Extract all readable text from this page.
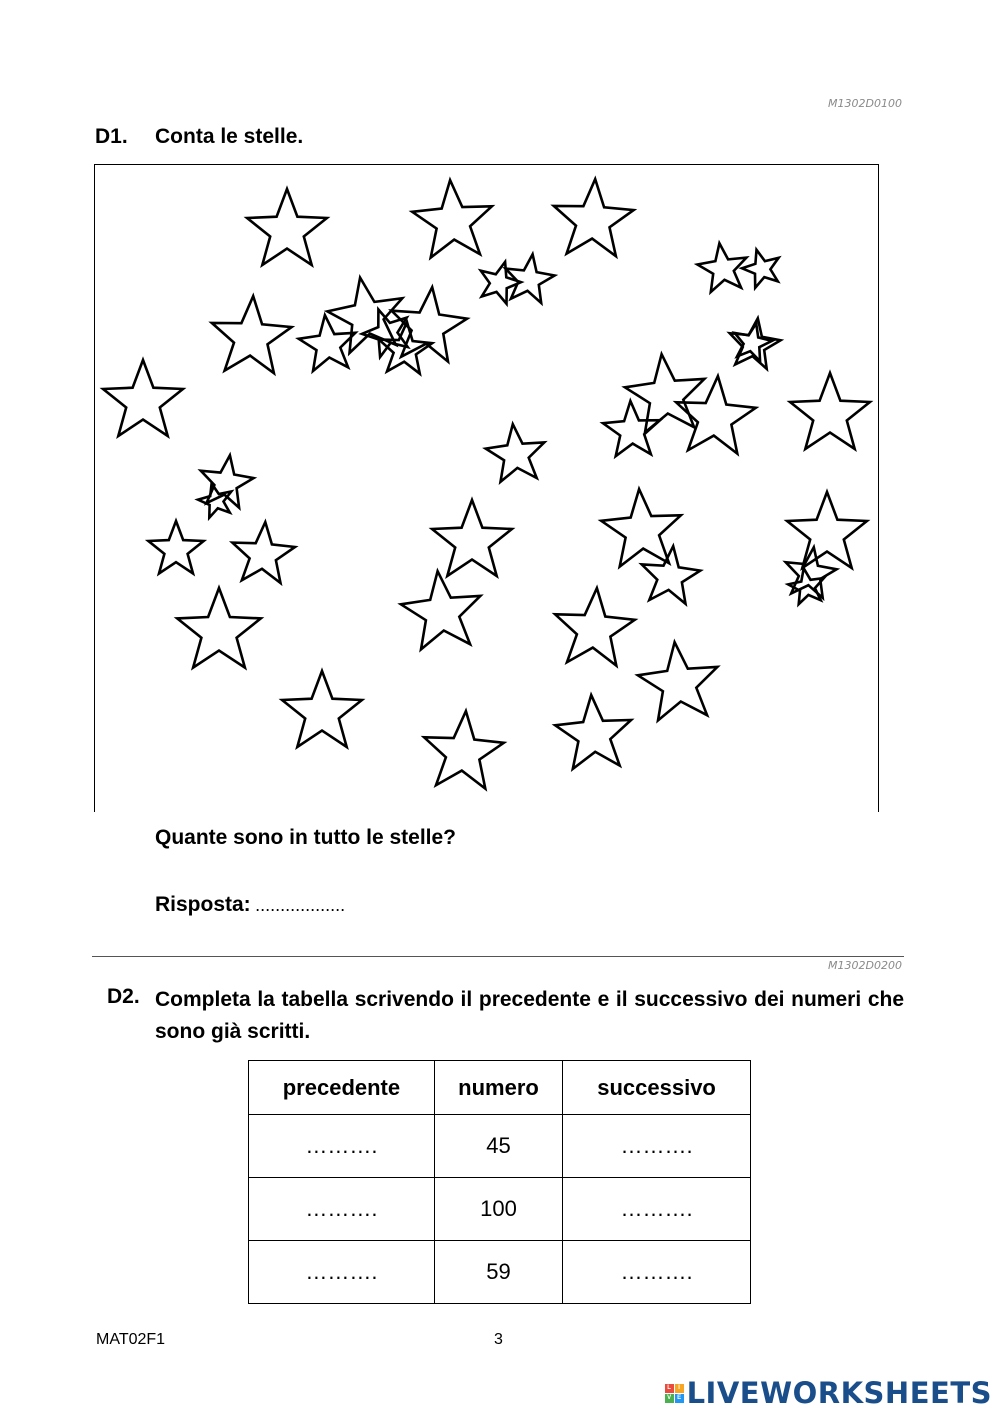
M1302D0100
D1. Conta le stelle.
Quante sono in tutto le stelle?
Risposta: ..................
M1302D0200
D2. Completa la tabella scrivendo il precedente e il successivo dei numeri che sono già scritti.
precedente	numero	successivo
……….	45	……….
……….	100	……….
……….	59	……….
MAT02F1	3
L	I
V E LIVEWORKSHEETS
